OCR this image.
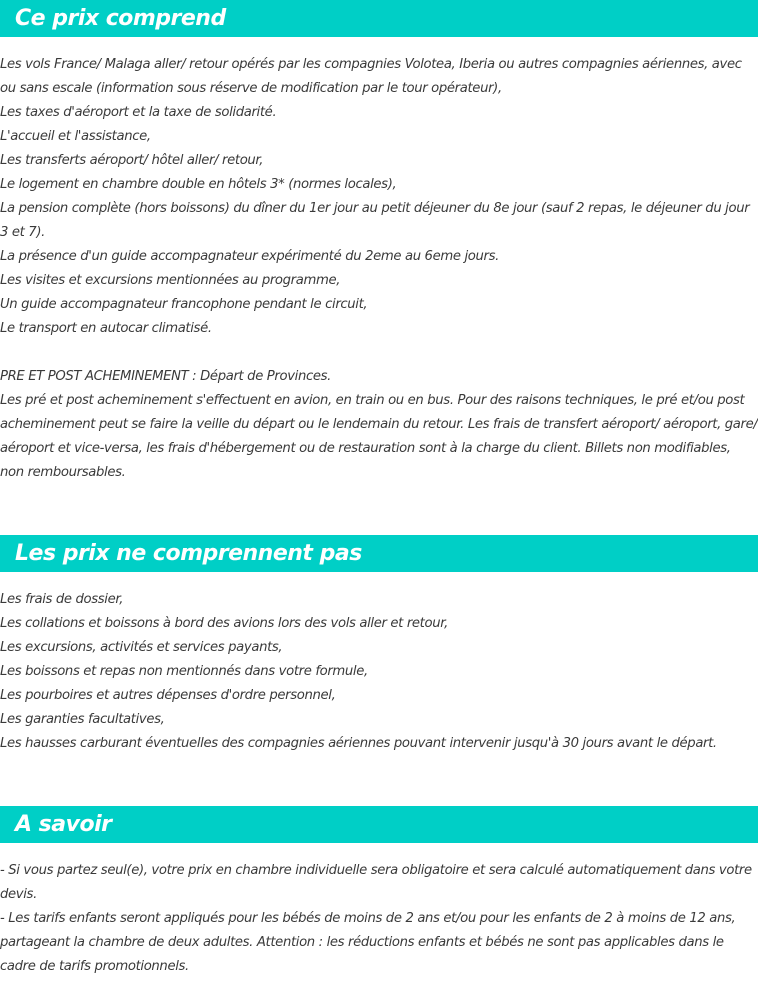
Ce prix comprend
Les vols France/ Malaga aller/ retour opérés par les compagnies Volotea, Iberia ou autres compagnies aériennes, avec ou sans escale (information sous réserve de modification par le tour opérateur),
Les taxes d'aéroport et la taxe de solidarité.
L'accueil et l'assistance,
Les transferts aéroport/ hôtel aller/ retour,
Le logement en chambre double en hôtels 3* (normes locales),
La pension complète (hors boissons) du dîner du 1er jour au petit déjeuner du 8e jour (sauf 2 repas, le déjeuner du jour 3 et 7).
La présence d'un guide accompagnateur expérimenté du 2eme au 6eme jours.
Les visites et excursions mentionnées au programme,
Un guide accompagnateur francophone pendant le circuit,
Le transport en autocar climatisé.
PRE ET POST ACHEMINEMENT : Départ de Provinces.
Les pré et post acheminement s'effectuent en avion, en train ou en bus. Pour des raisons techniques, le pré et/ou post acheminement peut se faire la veille du départ ou le lendemain du retour. Les frais de transfert aéroport/ aéroport, gare/ aéroport et vice-versa, les frais d'hébergement ou de restauration sont à la charge du client. Billets non modifiables, non remboursables.
Les prix ne comprennent pas
Les frais de dossier,
Les collations et boissons à bord des avions lors des vols aller et retour,
Les excursions, activités et services payants,
Les boissons et repas non mentionnés dans votre formule,
Les pourboires et autres dépenses d'ordre personnel,
Les garanties facultatives,
Les hausses carburant éventuelles des compagnies aériennes pouvant intervenir jusqu'à 30 jours avant le départ.
A savoir
- Si vous partez seul(e), votre prix en chambre individuelle sera obligatoire et sera calculé automatiquement dans votre devis.
- Les tarifs enfants seront appliqués pour les bébés de moins de 2 ans et/ou pour les enfants de 2 à moins de 12 ans, partageant la chambre de deux adultes. Attention : les réductions enfants et bébés ne sont pas applicables dans le cadre de tarifs promotionnels.
